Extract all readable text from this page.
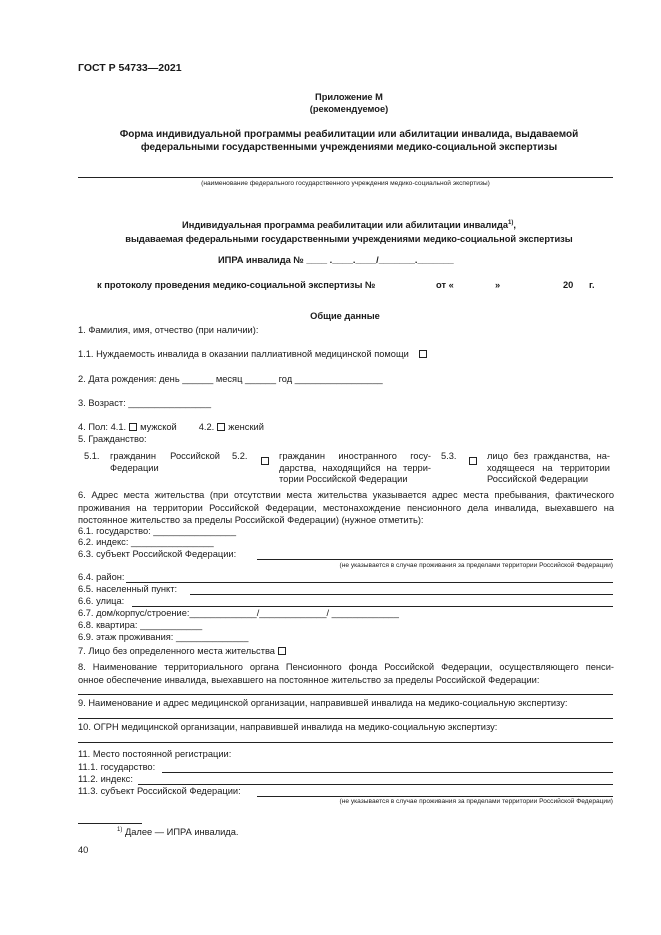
ГОСТ Р 54733—2021
Приложение М
(рекомендуемое)
Форма индивидуальной программы реабилитации или абилитации инвалида, выдаваемой
федеральными государственными учреждениями медико-социальной экспертизы
(наименование федерального государственного учреждения медико-социальной экспертизы)
Индивидуальная программа реабилитации или абилитации инвалида$^{1)}$,
выдаваемая федеральными государственными учреждениями медико-социальной экспертизы
ИПРА инвалида № ____ .____.____/_______._______
к протоколу проведения медико-социальной экспертизы №	от «	»	20 г.
Общие данные
1. Фамилия, имя, отчество (при наличии):
1.1. Нуждаемость инвалида в оказании паллиативной медицинской помощи
2. Дата рождения: день ______ месяц ______ год _________________
3. Возраст: ________________
4. Пол: 4.1. мужской 4.2. женский
5. Гражданство:
5.1. гражданин Российской
Федерации
5.2.	гражданин иностранного госу-
дарства, находящийся на терри-
тории Российской Федерации
5.3.	лицо без гражданства, на-
ходящееся на территории
Российской Федерации
6. Адрес места жительства (при отсутствии места жительства указывается адрес места пребывания, фактического
проживания на территории Российской Федерации, местонахождение пенсионного дела инвалида, выехавшего на
постоянное жительство за пределы Российской Федерации) (нужное отметить):
6.1. государство: ________________
6.2. индекс: ________________
6.3. субъект Российской Федерации:
(не указывается в случае проживания за пределами территории Российской Федерации)
6.4. район:
6.5. населенный пункт:
6.6. улица:
6.7. дом/корпус/строение:_____________/_____________/ _____________
6.8. квартира: ____________
6.9. этаж проживания: ______________
7. Лицо без определенного места жительства
8. Наименование территориального органа Пенсионного фонда Российской Федерации, осуществляющего пенси-
онное обеспечение инвалида, выехавшего на постоянное жительство за пределы Российской Федерации:
9. Наименование и адрес медицинской организации, направившей инвалида на медико-социальную экспертизу:
10. ОГРН медицинской организации, направившей инвалида на медико-социальную экспертизу:
11. Место постоянной регистрации:
11.1. государство:
11.2. индекс:
11.3. субъект Российской Федерации:
(не указывается в случае проживания за пределами территории Российской Федерации)
$^{1)}$ Далее — ИПРА инвалида.
40
